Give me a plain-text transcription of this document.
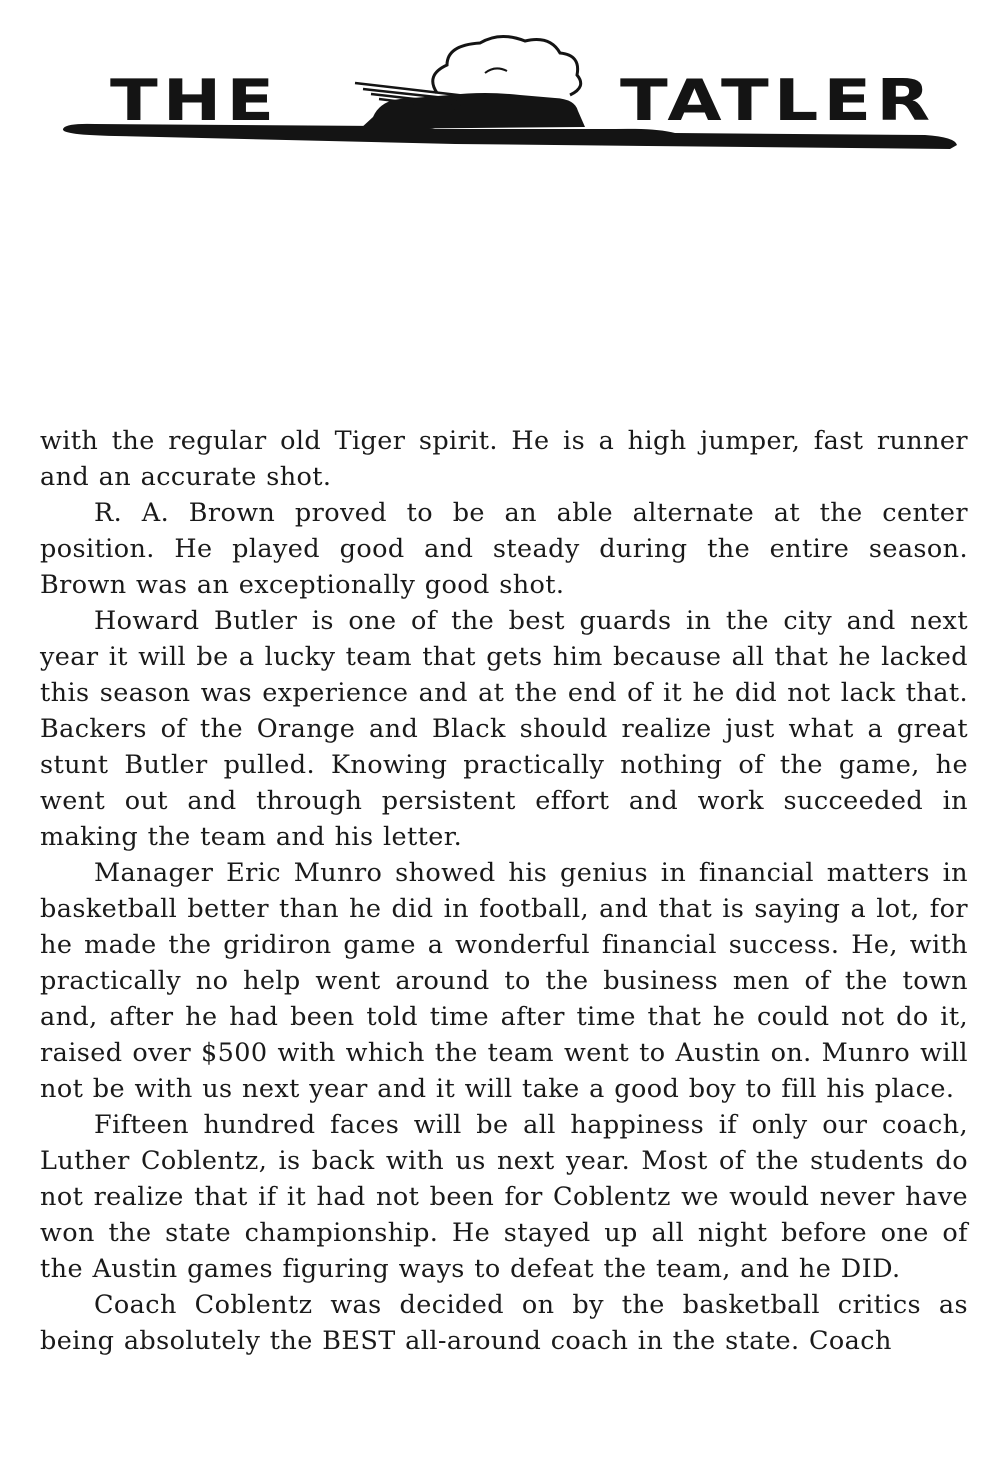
THE	TATLER

with the regular old Tiger spirit. He is a high jumper, fast runner and an accurate shot.

R. A. Brown proved to be an able alternate at the center position. He played good and steady during the entire season. Brown was an exceptionally good shot.

Howard Butler is one of the best guards in the city and next year it will be a lucky team that gets him because all that he lacked this season was experience and at the end of it he did not lack that. Backers of the Orange and Black should realize just what a great stunt Butler pulled. Knowing practically nothing of the game, he went out and through persistent effort and work succeeded in making the team and his letter.

Manager Eric Munro showed his genius in financial matters in basketball better than he did in football, and that is saying a lot, for he made the gridiron game a wonderful financial success. He, with practically no help went around to the business men of the town and, after he had been told time after time that he could not do it, raised over $500 with which the team went to Austin on. Munro will not be with us next year and it will take a good boy to fill his place.

Fifteen hundred faces will be all happiness if only our coach, Luther Coblentz, is back with us next year. Most of the students do not realize that if it had not been for Coblentz we would never have won the state championship. He stayed up all night before one of the Austin games figuring ways to defeat the team, and he DID.

Coach Coblentz was decided on by the basketball critics as being absolutely the BEST all-around coach in the state. Coach
